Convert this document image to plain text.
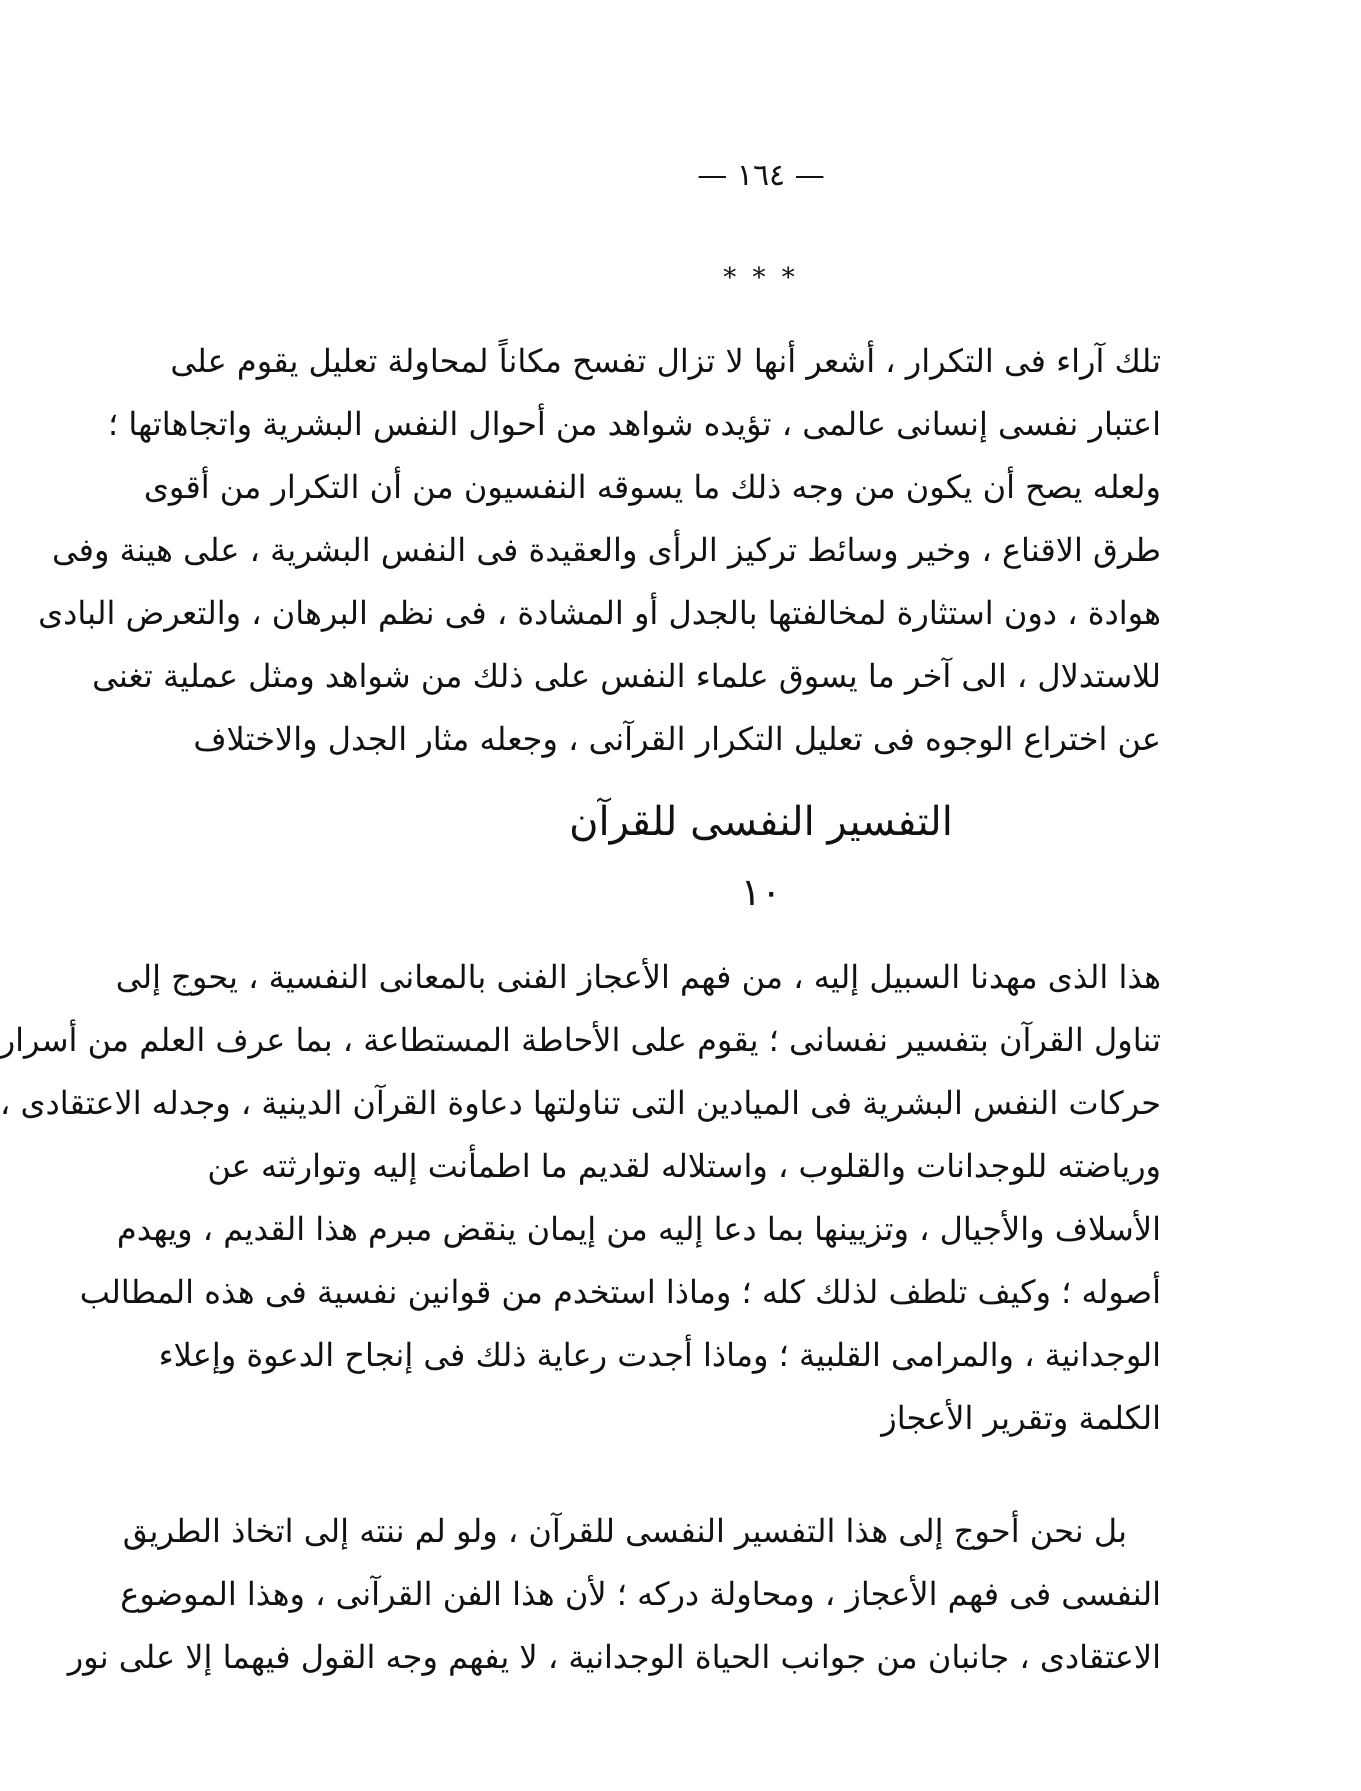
— ١٦٤ —
* * *
تلك آراء فى التكرار ، أشعر أنها لا تزال تفسح مكاناً لمحاولة تعليل يقوم على
اعتبار نفسى إنسانى عالمى ، تؤيده شواهد من أحوال النفس البشرية واتجاهاتها ؛
ولعله يصح أن يكون من وجه ذلك ما يسوقه النفسيون من أن التكرار من أقوى
طرق الاقناع ، وخير وسائط تركيز الرأى والعقيدة فى النفس البشرية ، على هينة وفى
هوادة ، دون استثارة لمخالفتها بالجدل أو المشادة ، فى نظم البرهان ، والتعرض البادى
للاستدلال ، الى آخر ما يسوق علماء النفس على ذلك من شواهد ومثل عملية تغنى
عن اختراع الوجوه فى تعليل التكرار القرآنى ، وجعله مثار الجدل والاختلاف
التفسير النفسى للقرآن
١٠
هذا الذى مهدنا السبيل إليه ، من فهم الأعجاز الفنى بالمعانى النفسية ، يحوج إلى
تناول القرآن بتفسير نفسانى ؛ يقوم على الأحاطة المستطاعة ، بما عرف العلم من أسرار
حركات النفس البشرية فى الميادين التى تناولتها دعاوة القرآن الدينية ، وجدله الاعتقادى ،
ورياضته للوجدانات والقلوب ، واستلاله لقديم ما اطمأنت إليه وتوارثته عن
الأسلاف والأجيال ، وتزيينها بما دعا إليه من إيمان ينقض مبرم هذا القديم ، ويهدم
أصوله ؛ وكيف تلطف لذلك كله ؛ وماذا استخدم من قوانين نفسية فى هذه المطالب
الوجدانية ، والمرامى القلبية ؛ وماذا أجدت رعاية ذلك فى إنجاح الدعوة وإعلاء
الكلمة وتقرير الأعجاز
بل نحن أحوج إلى هذا التفسير النفسى للقرآن ، ولو لم ننته إلى اتخاذ الطريق
النفسى فى فهم الأعجاز ، ومحاولة دركه ؛ لأن هذا الفن القرآنى ، وهذا الموضوع
الاعتقادى ، جانبان من جوانب الحياة الوجدانية ، لا يفهم وجه القول فيهما إلا على نور
